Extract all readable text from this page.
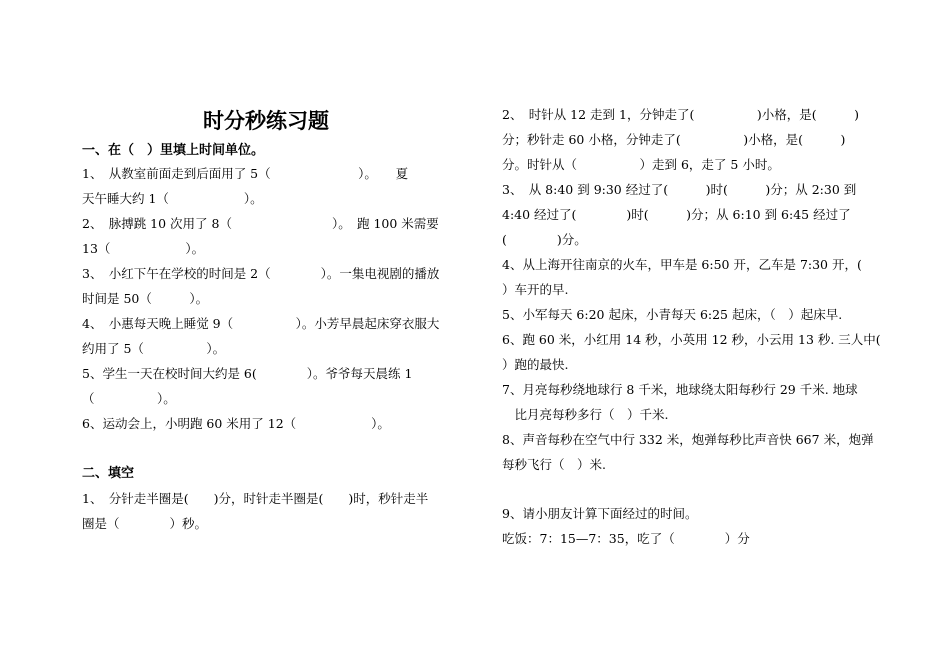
时分秒练习题
一、在（　）里填上时间单位。
1、　从教室前面走到后面用了 5（　　　　　　　）。　　夏
天午睡大约 1（　　　　　　）。
2、　脉搏跳 10 次用了 8（　　　　　　　　）。　跑 100 米需要
13（　　　　　　）。
3、　小红下午在学校的时间是 2（　　　　）。一集电视剧的播放
时间是 50（　　　）。
4、　小惠每天晚上睡觉 9（　　　　　）。小芳早晨起床穿衣服大
约用了 5（　　　　　）。
5、学生一天在校时间大约是 6(　　　　）。爷爷每天晨练 1
（　　　　　）。
6、运动会上，小明跑 60 米用了 12（　　　　　　）。
二、填空
1、　分针走半圈是(　　)分，时针走半圈是(　　)时，秒针走半
圈是（　　　　）秒。
2、　时针从 12 走到 1，分钟走了(　　　　　)小格，是(　　　)
分；秒针走 60 小格，分钟走了(　　　　　)小格，是(　　　)
分。时针从（　　　　　）走到 6，走了 5 小时。
3、　从 8:40 到 9:30 经过了(　　　)时(　　　)分；从 2:30 到
4:40 经过了(　　　　)时(　　　)分；从 6:10 到 6:45 经过了
(　　　　)分。
4、从上海开往南京的火车，甲车是 6:50 开，乙车是 7:30 开，(
）车开的早.
5、小军每天 6:20 起床，小青每天 6:25 起床，（　）起床早.
6、跑 60 米，小红用 14 秒，小英用 12 秒，小云用 13 秒. 三人中(
）跑的最快.
7、月亮每秒绕地球行 8 千米，地球绕太阳每秒行 29 千米. 地球
　比月亮每秒多行（　）千米.
8、声音每秒在空气中行 332 米，炮弹每秒比声音快 667 米，炮弹
每秒飞行（　）米.
9、请小朋友计算下面经过的时间。
吃饭：7：15—7：35，吃了（　　　　）分
